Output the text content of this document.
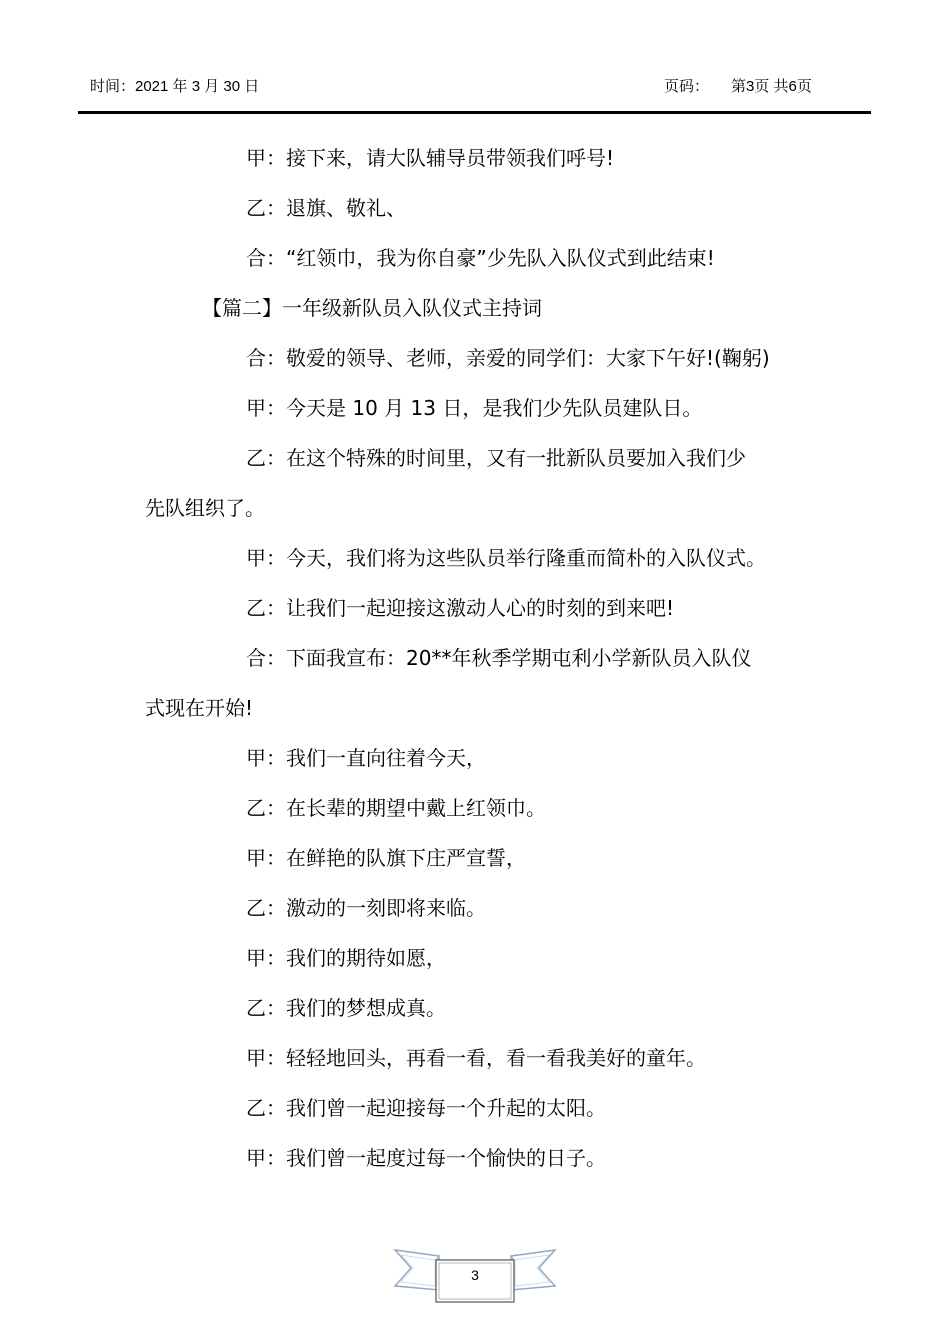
时间：2021 年 3 月 30 日	页码： 第3页 共6页
甲：接下来，请大队辅导员带领我们呼号!
乙：退旗、敬礼、
合：“红领巾，我为你自豪”少先队入队仪式到此结束!
【篇二】一年级新队员入队仪式主持词
合：敬爱的领导、老师，亲爱的同学们：大家下午好!(鞠躬)
甲：今天是 10 月 13 日，是我们少先队员建队日。
乙：在这个特殊的时间里，又有一批新队员要加入我们少
先队组织了。
甲：今天，我们将为这些队员举行隆重而简朴的入队仪式。
乙：让我们一起迎接这激动人心的时刻的到来吧!
合：下面我宣布：20**年秋季学期屯利小学新队员入队仪
式现在开始!
甲：我们一直向往着今天，
乙：在长辈的期望中戴上红领巾。
甲：在鲜艳的队旗下庄严宣誓，
乙：激动的一刻即将来临。
甲：我们的期待如愿，
乙：我们的梦想成真。
甲：轻轻地回头，再看一看，看一看我美好的童年。
乙：我们曾一起迎接每一个升起的太阳。
甲：我们曾一起度过每一个愉快的日子。
3
